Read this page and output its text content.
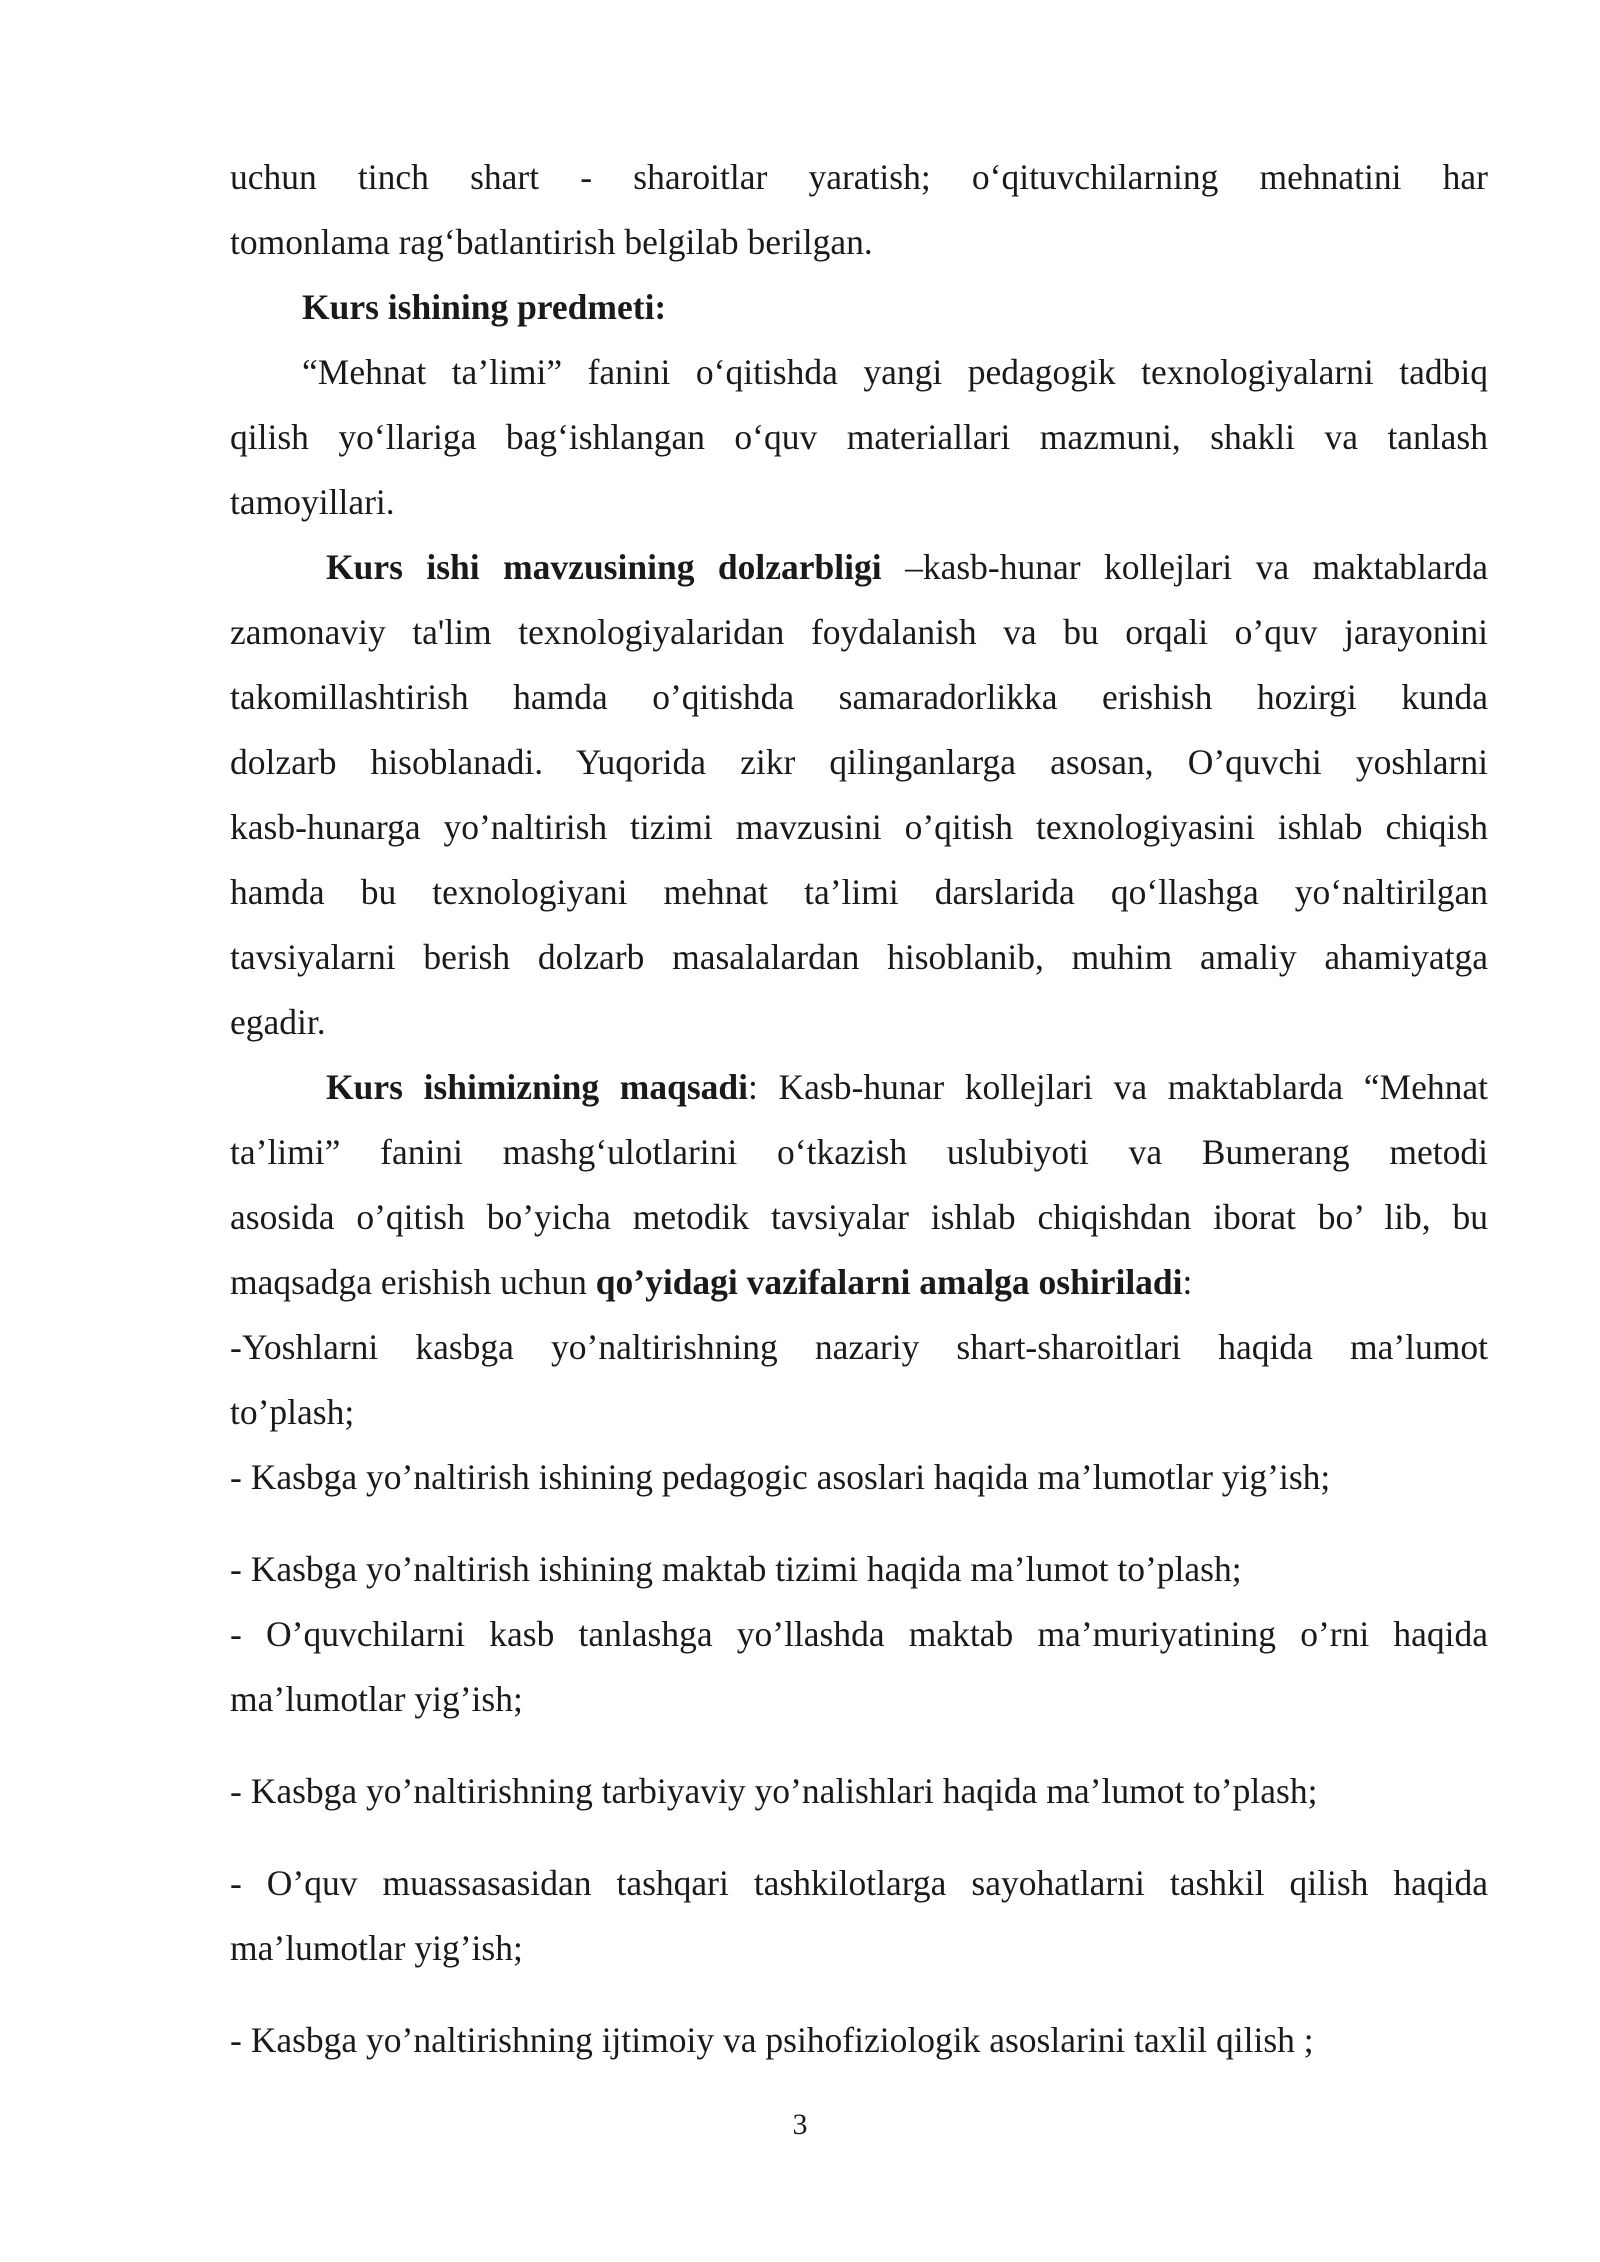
uchun tinch shart - sharoitlar yaratish; o‘qituvchilarning mehnatini har
tomonlama rag‘batlantirish belgilab berilgan.
Kurs ishining predmeti:
“Mehnat ta’limi” fanini o‘qitishda yangi pedagogik texnologiyalarni tadbiq
qilish yo‘llariga bag‘ishlangan o‘quv materiallari mazmuni, shakli va tanlash
tamoyillari.
Kurs ishi mavzusining dolzarbligi –kasb-hunar kollejlari va maktablarda
zamonaviy ta'lim texnologiyalaridan foydalanish va bu orqali o’quv jarayonini
takomillashtirish hamda o’qitishda samaradorlikka erishish hozirgi kunda
dolzarb hisoblanadi. Yuqorida zikr qilinganlarga asosan, O’quvchi yoshlarni
kasb-hunarga yo’naltirish tizimi mavzusini o’qitish texnologiyasini ishlab chiqish
hamda bu texnologiyani mehnat ta’limi darslarida qo‘llashga yo‘naltirilgan
tavsiyalarni berish dolzarb masalalardan hisoblanib, muhim amaliy ahamiyatga
egadir.
Kurs ishimizning maqsadi: Kasb-hunar kollejlari va maktablarda “Mehnat
ta’limi” fanini mashg‘ulotlarini o‘tkazish uslubiyoti va Bumerang metodi
asosida o’qitish bo’yicha metodik tavsiyalar ishlab chiqishdan iborat bo’ lib, bu
maqsadga erishish uchun qo’yidagi vazifalarni amalga oshiriladi:
-Yoshlarni kasbga yo’naltirishning nazariy shart-sharoitlari haqida ma’lumot
to’plash;
- Kasbga yo’naltirish ishining pedagogic asoslari haqida ma’lumotlar yig’ish;
- Kasbga yo’naltirish ishining maktab tizimi haqida ma’lumot to’plash;
- O’quvchilarni kasb tanlashga yo’llashda maktab ma’muriyatining o’rni haqida
ma’lumotlar yig’ish;
- Kasbga yo’naltirishning tarbiyaviy yo’nalishlari haqida ma’lumot to’plash;
- O’quv muassasasidan tashqari tashkilotlarga sayohatlarni tashkil qilish haqida
ma’lumotlar yig’ish;
- Kasbga yo’naltirishning ijtimoiy va psihofiziologik asoslarini taxlil qilish ;
3
